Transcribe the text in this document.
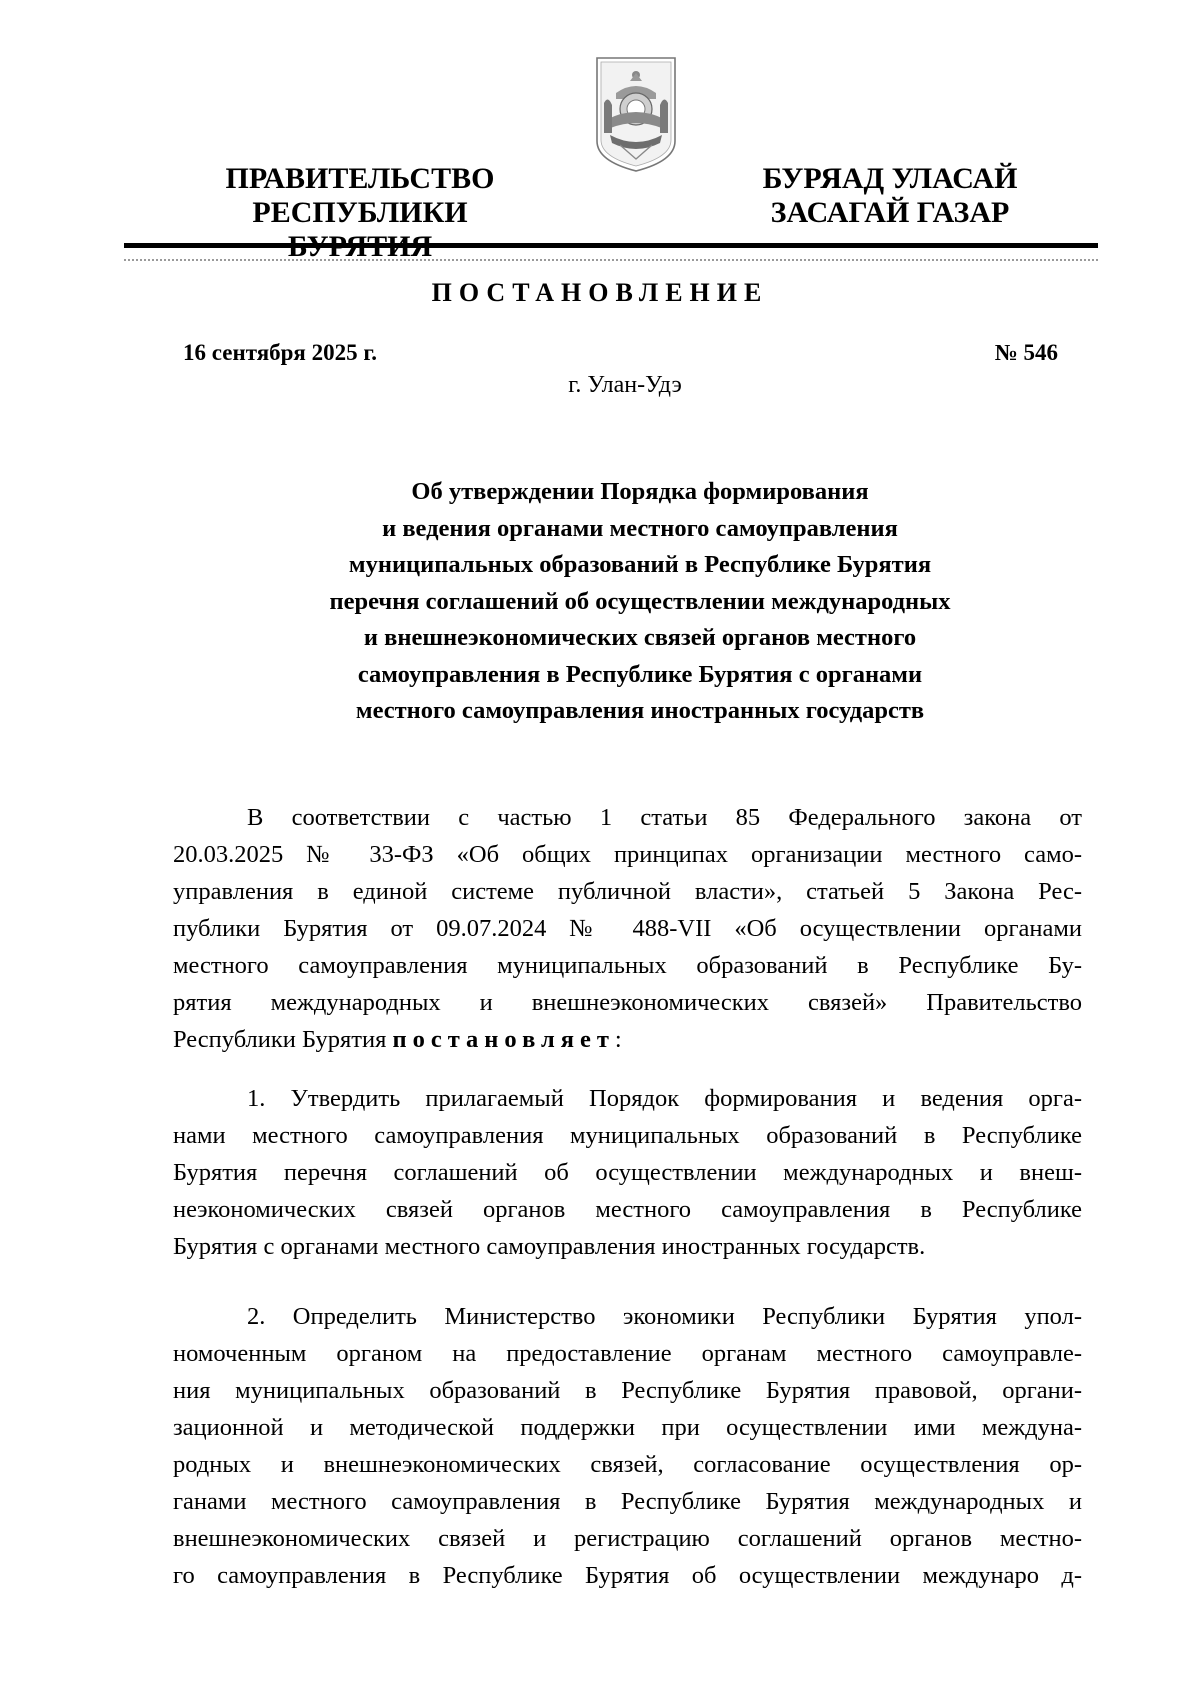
ПРАВИТЕЛЬСТВО
РЕСПУБЛИКИ
БУРЯАД УЛАСАЙ
ЗАСАГАЙ ГАЗАР
ПОСТАНОВЛЕНИЕ
16 сентября 2025 г.	№ 546
г. Улан-Удэ
Об утверждении Порядка формирования
и ведения органами местного самоуправления
муниципальных образований в Республике Бурятия
перечня соглашений об осуществлении международных
и внешнеэкономических связей органов местного
самоуправления в Республике Бурятия с органами
местного самоуправления иностранных государств
В соответствии с частью 1 статьи 85 Федерального закона от
20.03.2025 № 33-ФЗ «Об общих принципах организации местного само-
управления в единой системе публичной власти», статьей 5 Закона Рес-
публики Бурятия от 09.07.2024 № 488-VII «Об осуществлении органами
местного самоуправления муниципальных образований в Республике Бу-
рятия международных и внешнеэкономических связей» Правительство
Республики Бурятия постановляет:
1. Утвердить прилагаемый Порядок формирования и ведения орга-
нами местного самоуправления муниципальных образований в Республике
Бурятия перечня соглашений об осуществлении международных и внеш-
неэкономических связей органов местного самоуправления в Республике
Бурятия с органами местного самоуправления иностранных государств.
2. Определить Министерство экономики Республики Бурятия упол-
номоченным органом на предоставление органам местного самоуправле-
ния муниципальных образований в Республике Бурятия правовой, органи-
зационной и методической поддержки при осуществлении ими междуна-
родных и внешнеэкономических связей, согласование осуществления ор-
ганами местного самоуправления в Республике Бурятия международных и
внешнеэкономических связей и регистрацию соглашений органов местно-
го самоуправления в Республике Бурятия об осуществлении междунаро д-
